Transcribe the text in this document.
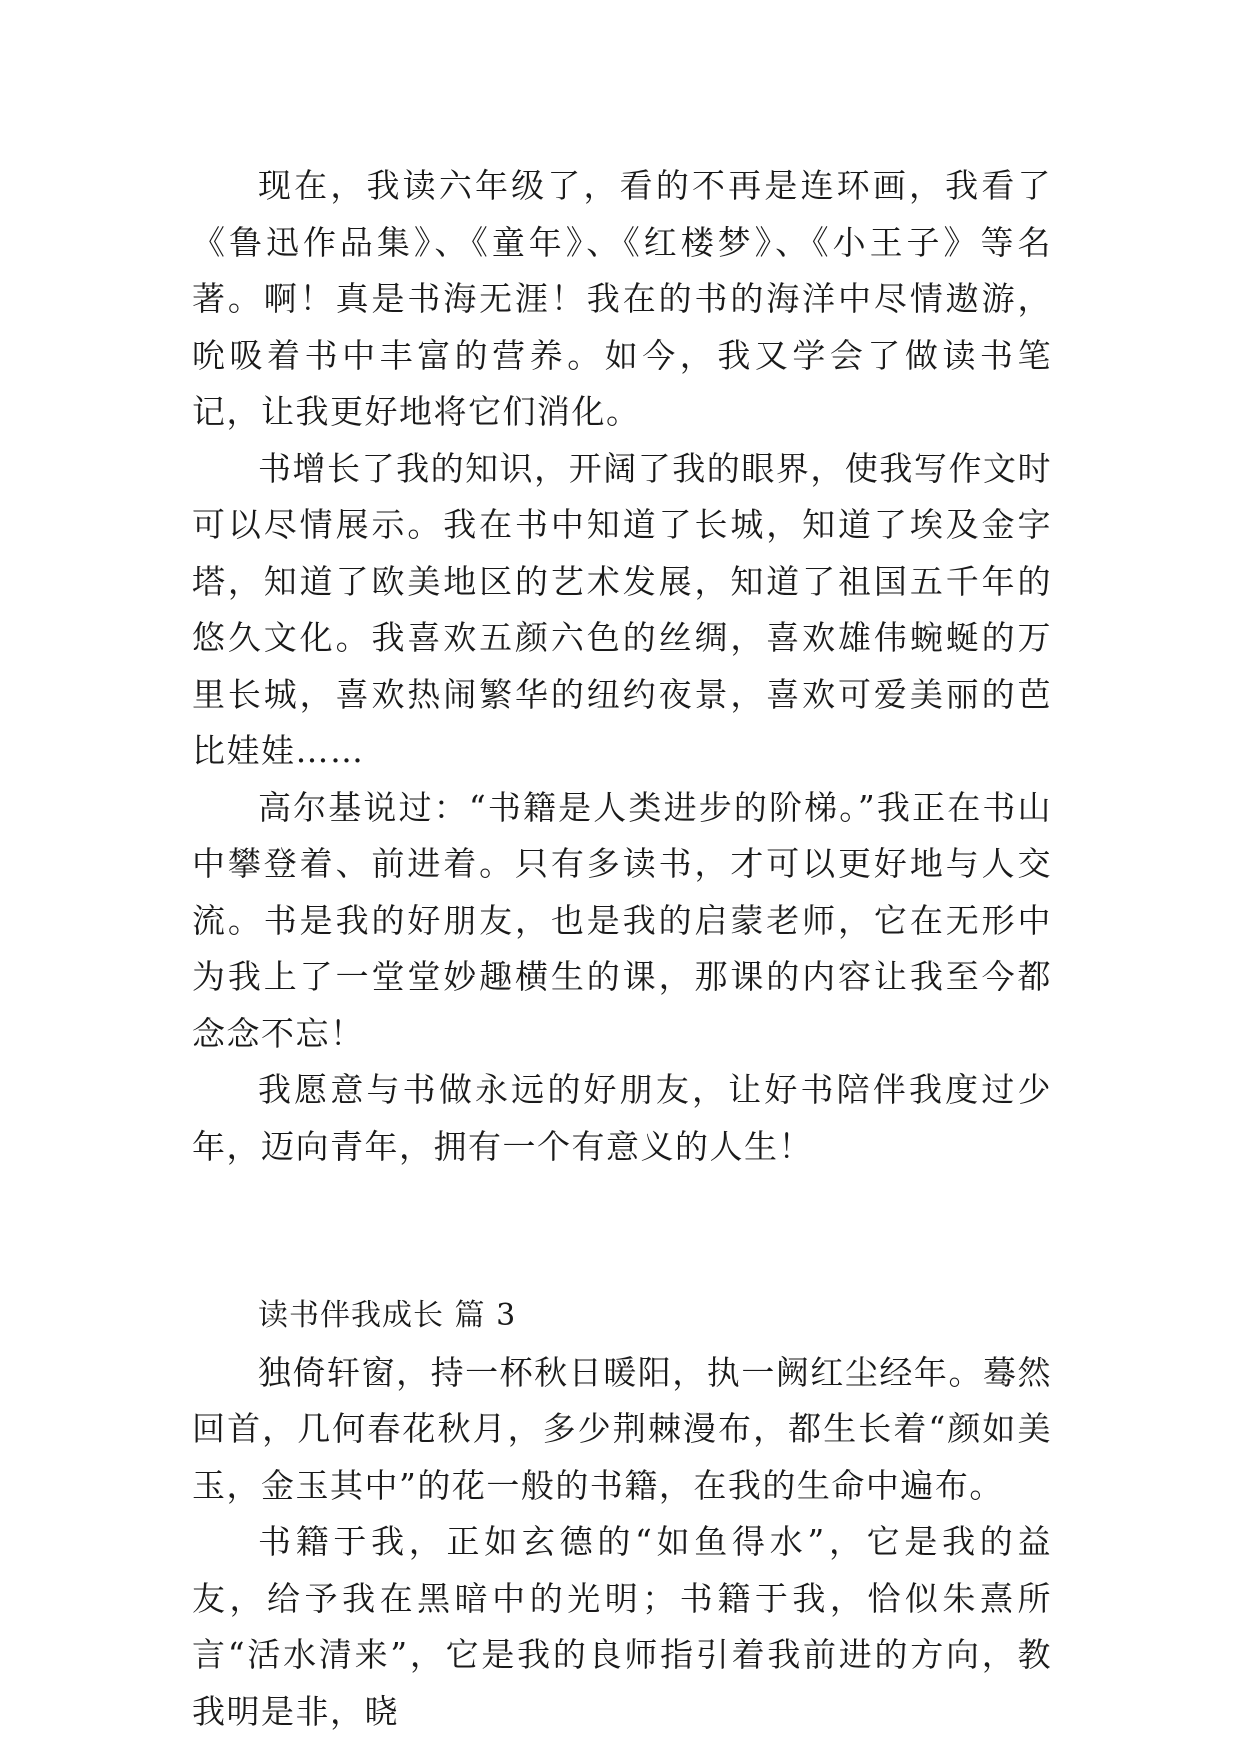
现在，我读六年级了，看的不再是连环画，我看了《鲁迅作品集》、《童年》、《红楼梦》、《小王子》等名著。啊！真是书海无涯！我在的书的海洋中尽情遨游，吮吸着书中丰富的营养。如今，我又学会了做读书笔记，让我更好地将它们消化。

书增长了我的知识，开阔了我的眼界，使我写作文时可以尽情展示。我在书中知道了长城，知道了埃及金字塔，知道了欧美地区的艺术发展，知道了祖国五千年的悠久文化。我喜欢五颜六色的丝绸，喜欢雄伟蜿蜒的万里长城，喜欢热闹繁华的纽约夜景，喜欢可爱美丽的芭比娃娃……

高尔基说过：“书籍是人类进步的阶梯。”我正在书山中攀登着、前进着。只有多读书，才可以更好地与人交流。书是我的好朋友，也是我的启蒙老师，它在无形中为我上了一堂堂妙趣横生的课，那课的内容让我至今都念念不忘！

我愿意与书做永远的好朋友，让好书陪伴我度过少年，迈向青年，拥有一个有意义的人生！

读书伴我成长 篇 3

独倚轩窗，持一杯秋日暖阳，执一阙红尘经年。蓦然回首，几何春花秋月，多少荆棘漫布，都生长着“颜如美玉，金玉其中”的花一般的书籍，在我的生命中遍布。

书籍于我，正如玄德的“如鱼得水”，它是我的益友，给予我在黑暗中的光明；书籍于我，恰似朱熹所言“活水清来”，它是我的良师指引着我前进的方向，教我明是非，晓
